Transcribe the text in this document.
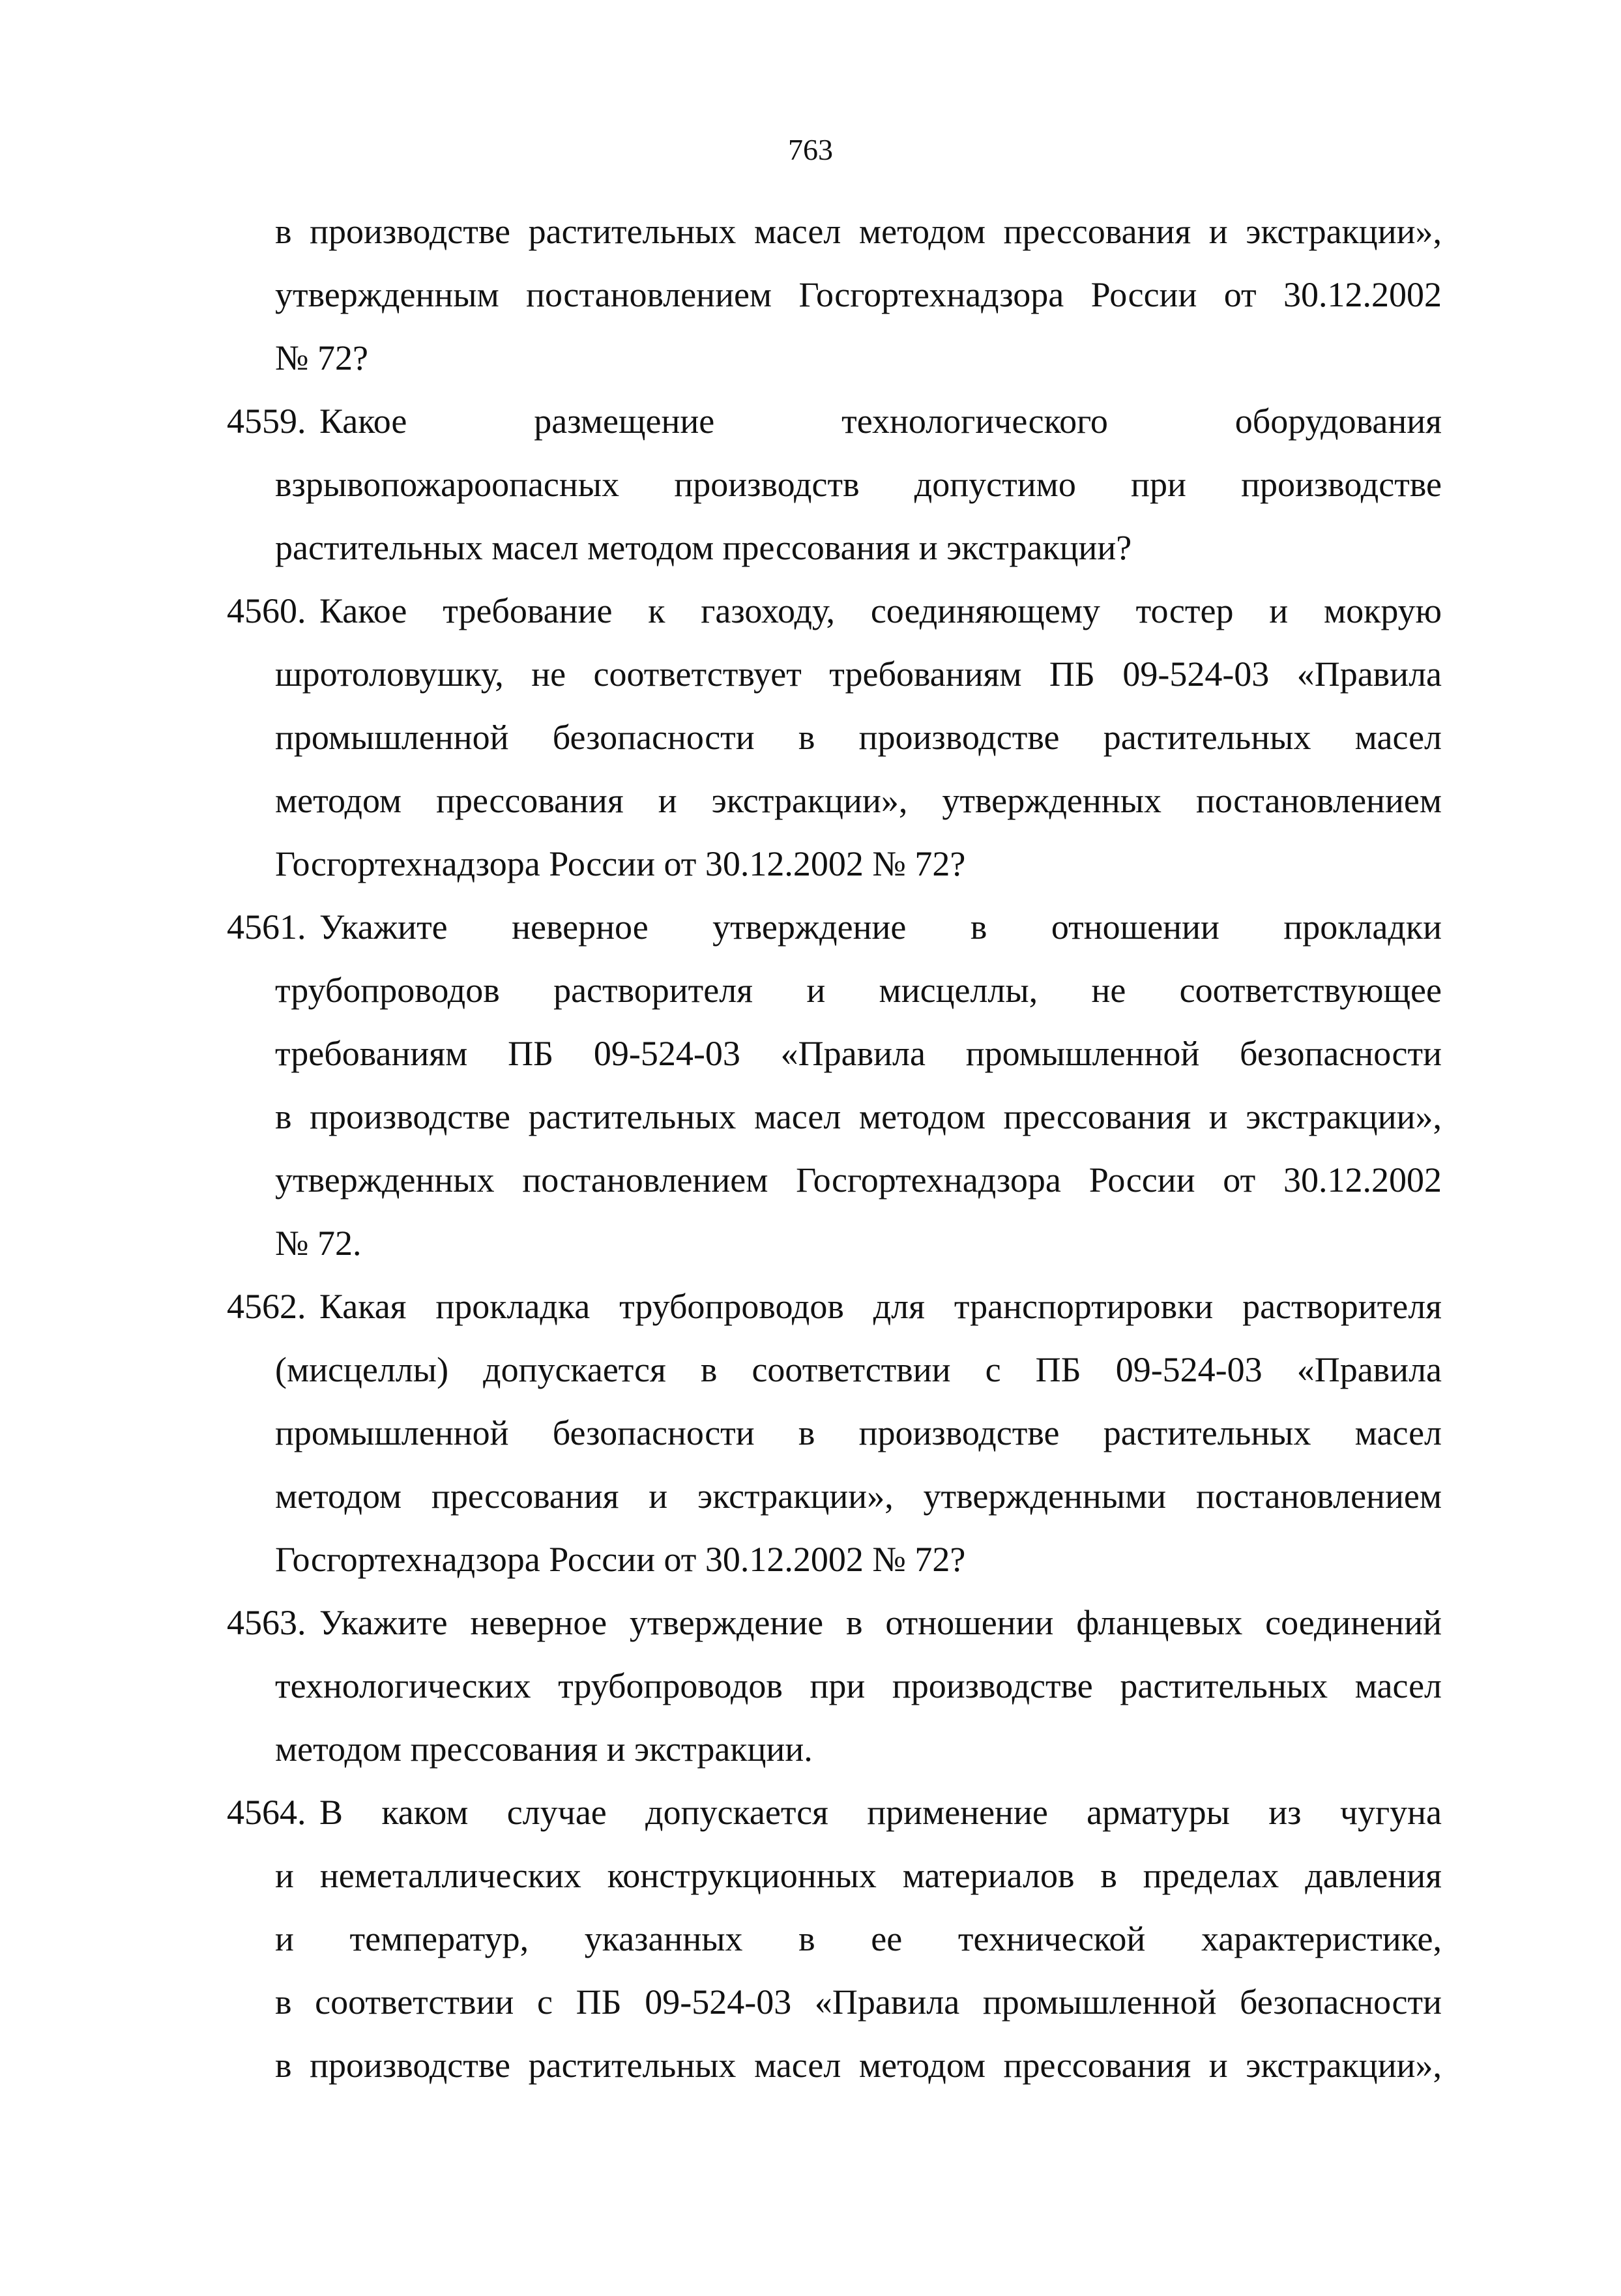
763
в производстве растительных масел методом прессования и экстракции»,
утвержденным постановлением Госгортехнадзора России от 30.12.2002
№ 72?
4559. Какое размещение технологического оборудования
взрывопожароопасных производств допустимо при производстве
растительных масел методом прессования и экстракции?
4560. Какое требование к газоходу, соединяющему тостер и мокрую
шротоловушку, не соответствует требованиям ПБ 09-524-03 «Правила
промышленной безопасности в производстве растительных масел
методом прессования и экстракции», утвержденных постановлением
Госгортехнадзора России от 30.12.2002 № 72?
4561. Укажите неверное утверждение в отношении прокладки
трубопроводов растворителя и мисцеллы, не соответствующее
требованиям ПБ 09-524-03 «Правила промышленной безопасности
в производстве растительных масел методом прессования и экстракции»,
утвержденных постановлением Госгортехнадзора России от 30.12.2002
№ 72.
4562. Какая прокладка трубопроводов для транспортировки растворителя
(мисцеллы) допускается в соответствии с ПБ 09-524-03 «Правила
промышленной безопасности в производстве растительных масел
методом прессования и экстракции», утвержденными постановлением
Госгортехнадзора России от 30.12.2002 № 72?
4563. Укажите неверное утверждение в отношении фланцевых соединений
технологических трубопроводов при производстве растительных масел
методом прессования и экстракции.
4564. В каком случае допускается применение арматуры из чугуна
и неметаллических конструкционных материалов в пределах давления
и температур, указанных в ее технической характеристике,
в соответствии с ПБ 09-524-03 «Правила промышленной безопасности
в производстве растительных масел методом прессования и экстракции»,
